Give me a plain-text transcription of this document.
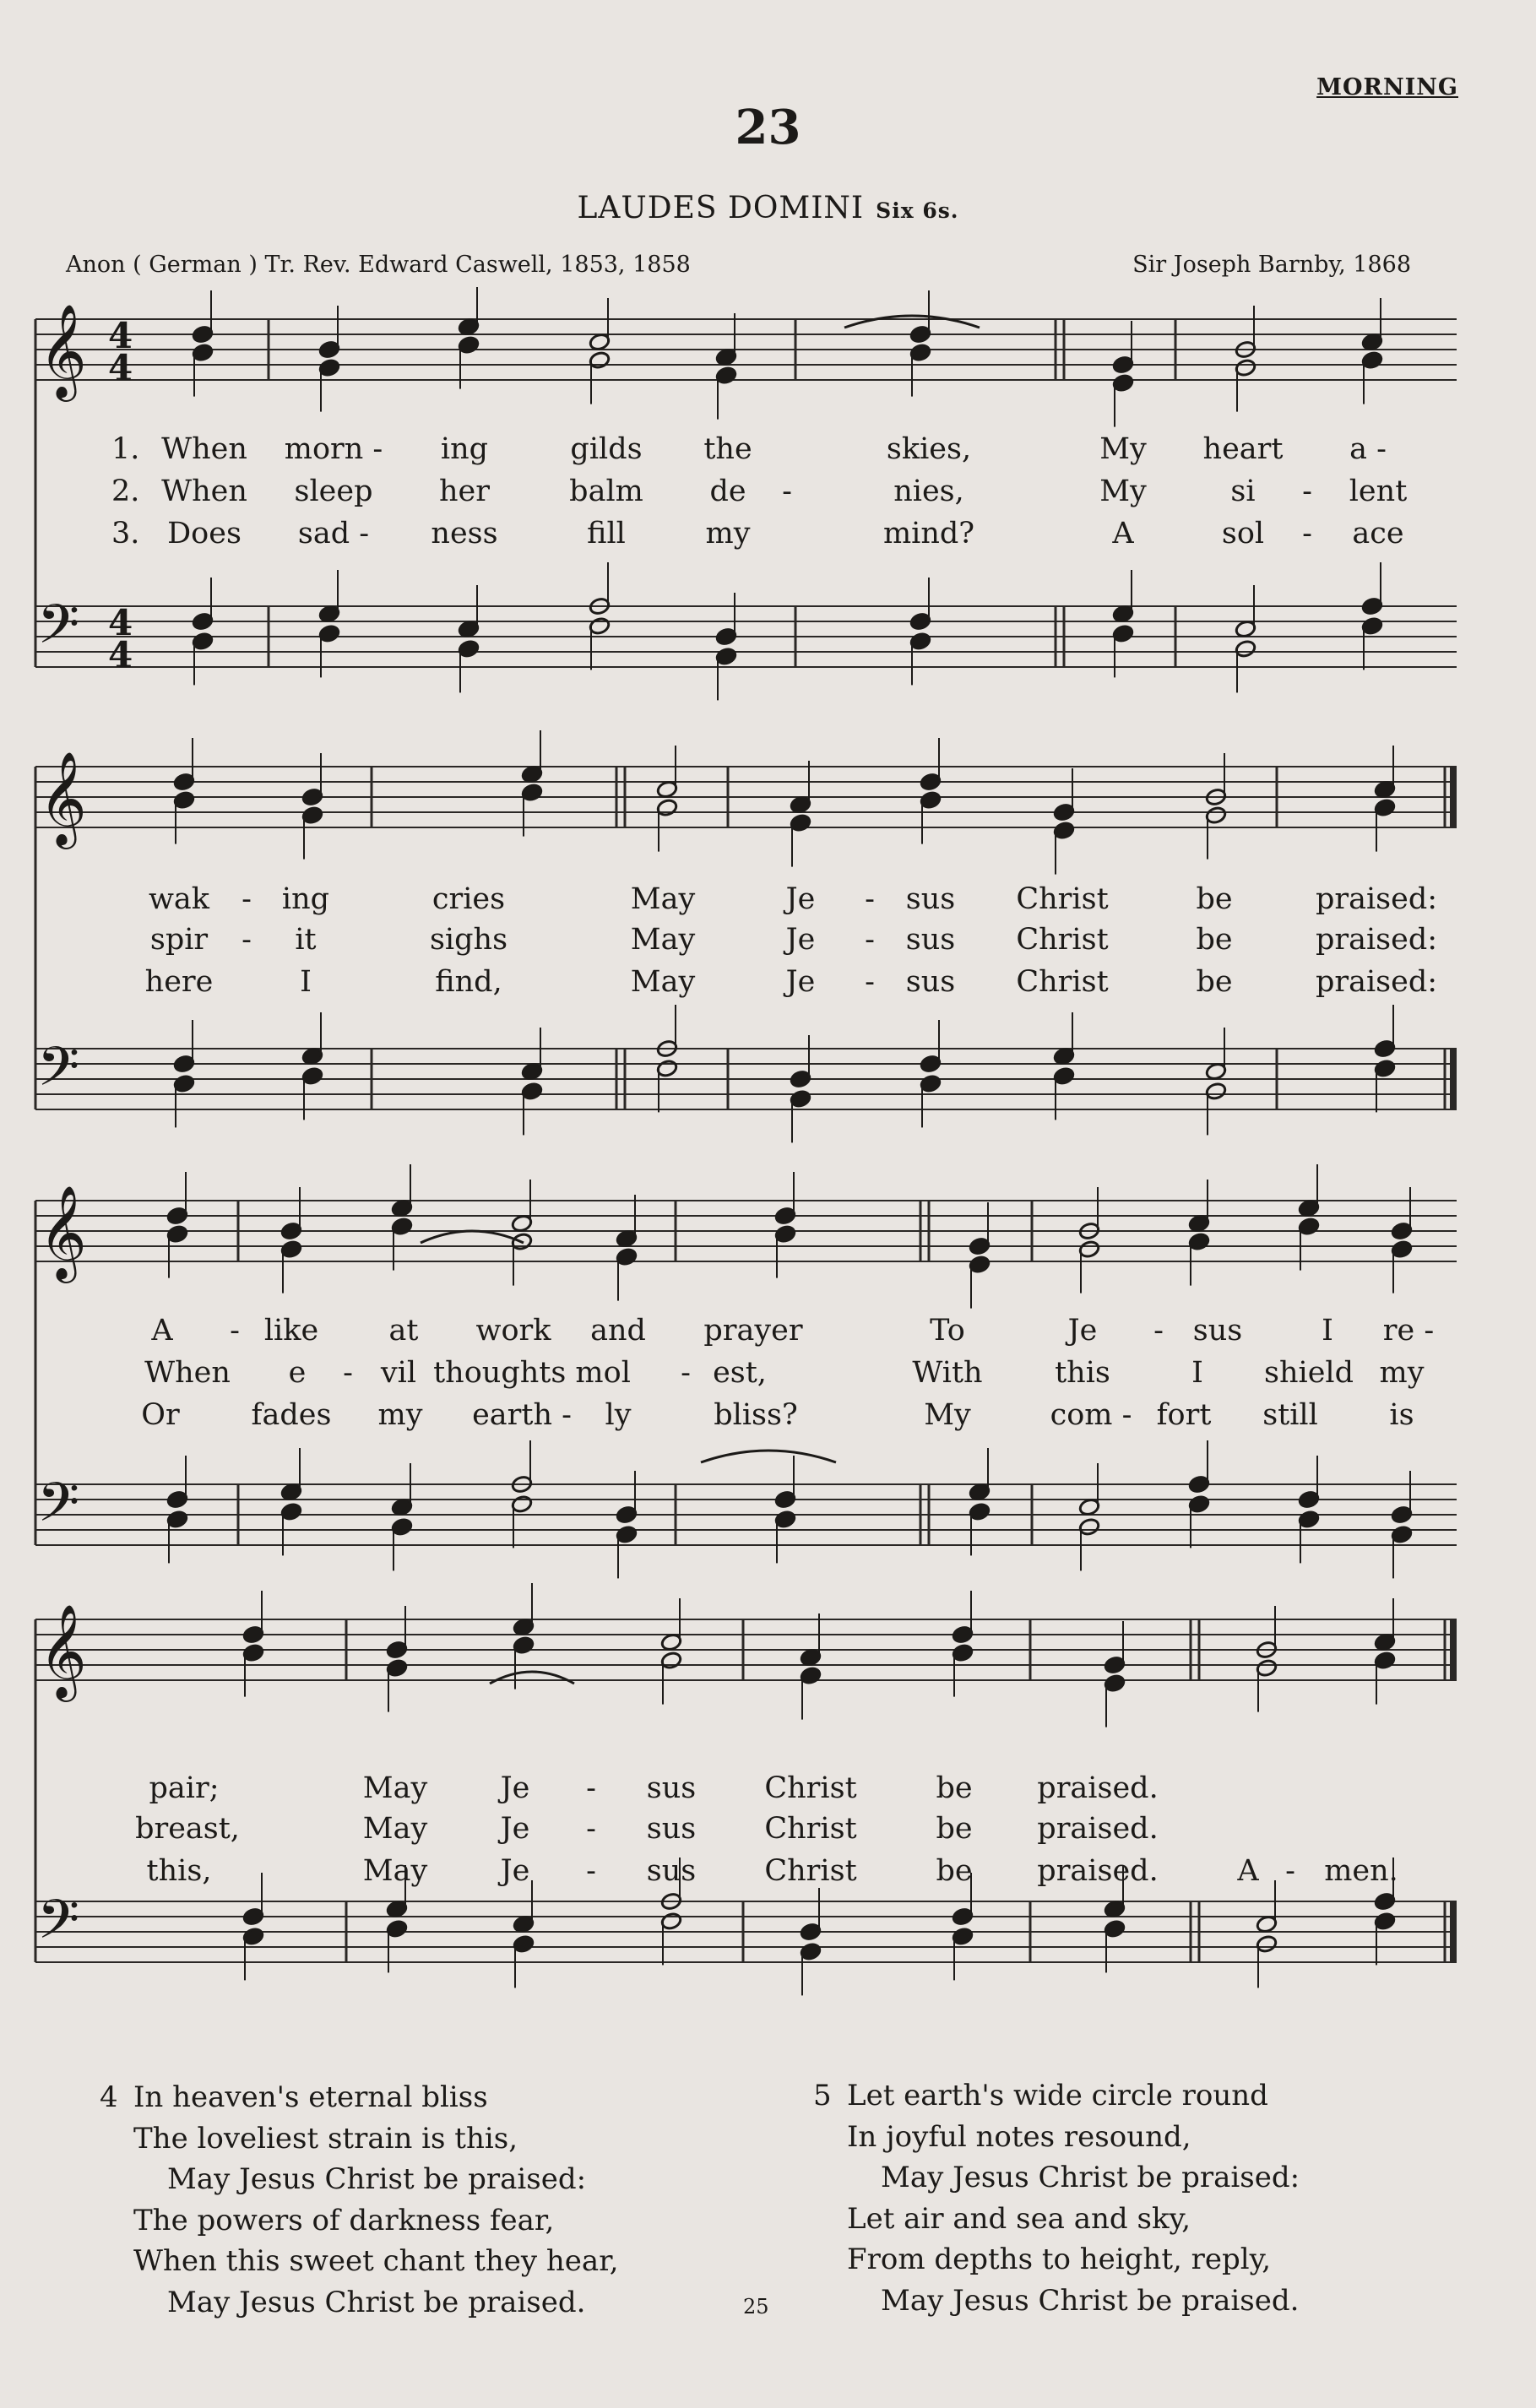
MORNING
23
LAUDES DOMINI Six 6s.
Anon ( German ) Tr. Rev. Edward Caswell, 1853, 1858	Sir Joseph Barnby, 1868
𝄞
𝄢
4
4
4
4
𝄞
𝄢
𝄞
𝄢
𝄞
𝄢
When morn - ing	gilds the	skies,	My heart a -
When sleep her	balm de -	nies,	My	si - lent
Does sad - ness	fill	my	mind?	A	sol - ace
1.
2.
3.
wak - ing	cries	May	Je - sus Christ	be	praised:
spir - it	sighs	May	Je - sus Christ	be	praised:
here	I	find,	May	Je - sus Christ	be	praised:
A - like at work and prayer	To	Je - sus	I re -
When e - vil thoughts mol - est,	With this	I shield my
Or fades my earth - ly	bliss?	My	com - fort still is
pair;	May Je - sus Christ	be praised.
breast,	May Je - sus Christ	be praised.
this,	May Je - sus Christ	be praised.	A - men.
4 In heaven's eternal bliss
The loveliest strain is this,
May Jesus Christ be praised:
The powers of darkness fear,
When this sweet chant they hear,
May Jesus Christ be praised.
5 Let earth's wide circle round
In joyful notes resound,
May Jesus Christ be praised:
Let air and sea and sky,
From depths to height, reply,
May Jesus Christ be praised.
25
